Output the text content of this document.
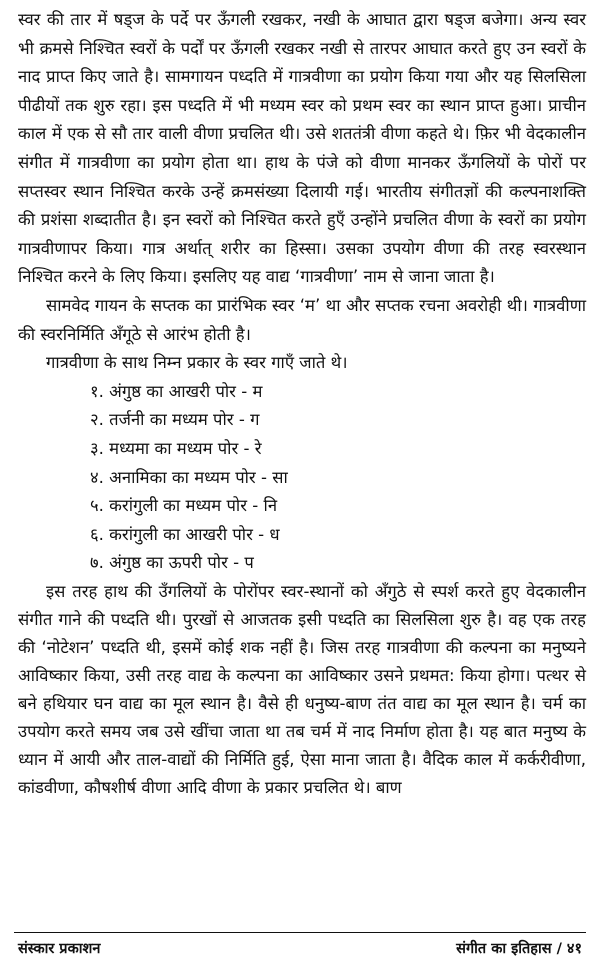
स्वर की तार में षड्ज के पर्दे पर ऊँगली रखकर, नखी के आघात द्वारा षड्ज बजेगा। अन्य स्वर भी क्रमसे निश्चित स्वरों के पर्दों पर ऊँगली रखकर नखी से तारपर आघात करते हुए उन स्वरों के नाद प्राप्त किए जाते है। सामगायन पध्दति में गात्रवीणा का प्रयोग किया गया और यह सिलसिला पीढीयों तक शुरु रहा। इस पध्दति में भी मध्यम स्वर को प्रथम स्वर का स्थान प्राप्त हुआ। प्राचीन काल में एक से सौ तार वाली वीणा प्रचलित थी। उसे शततंत्री वीणा कहते थे। फ़िर भी वेदकालीन संगीत में गात्रवीणा का प्रयोग होता था। हाथ के पंजे को वीणा मानकर ऊँगलियों के पोरों पर सप्तस्वर स्थान निश्चित करके उन्हें क्रमसंख्या दिलायी गई। भारतीय संगीतज्ञों की कल्पनाशक्ति की प्रशंसा शब्दातीत है। इन स्वरों को निश्चित करते हुएँ उन्होंने प्रचलित वीणा के स्वरों का प्रयोग गात्रवीणापर किया। गात्र अर्थात् शरीर का हिस्सा। उसका उपयोग वीणा की तरह स्वरस्थान निश्चित करने के लिए किया। इसलिए यह वाद्य ‘गात्रवीणा’ नाम से जाना जाता है।

सामवेद गायन के सप्तक का प्रारंभिक स्वर ‘म’ था और सप्तक रचना अवरोही थी। गात्रवीणा की स्वरनिर्मिति अँगूठे से आरंभ होती है।

गात्रवीणा के साथ निम्न प्रकार के स्वर गाएँ जाते थे।

१. अंगुष्ठ का आखरी पोर - म
२. तर्जनी का मध्यम पोर - ग
३. मध्यमा का मध्यम पोर - रे
४. अनामिका का मध्यम पोर - सा
५. करांगुली का मध्यम पोर - नि
६. करांगुली का आखरी पोर - ध
७. अंगुष्ठ का ऊपरी पोर - प

इस तरह हाथ की उँगलियों के पोरोंपर स्वर-स्थानों को अँगुठे से स्पर्श करते हुए वेदकालीन संगीत गाने की पध्दति थी। पुरखों से आजतक इसी पध्दति का सिलसिला शुरु है। वह एक तरह की ‘नोटेशन’ पध्दति थी, इसमें कोई शक नहीं है। जिस तरह गात्रवीणा की कल्पना का मनुष्यने आविष्कार किया, उसी तरह वाद्य के कल्पना का आविष्कार उसने प्रथमत: किया होगा। पत्थर से बने हथियार घन वाद्य का मूल स्थान है। वैसे ही धनुष्य-बाण तंत वाद्य का मूल स्थान है। चर्म का उपयोग करते समय जब उसे खींचा जाता था तब चर्म में नाद निर्माण होता है। यह बात मनुष्य के ध्यान में आयी और ताल-वाद्यों की निर्मिति हुई, ऐसा माना जाता है। वैदिक काल में कर्करीवीणा, कांडवीणा, कौषशीर्ष वीणा आदि वीणा के प्रकार प्रचलित थे। बाण

संस्कार प्रकाशन	संगीत का इतिहास / ४१
